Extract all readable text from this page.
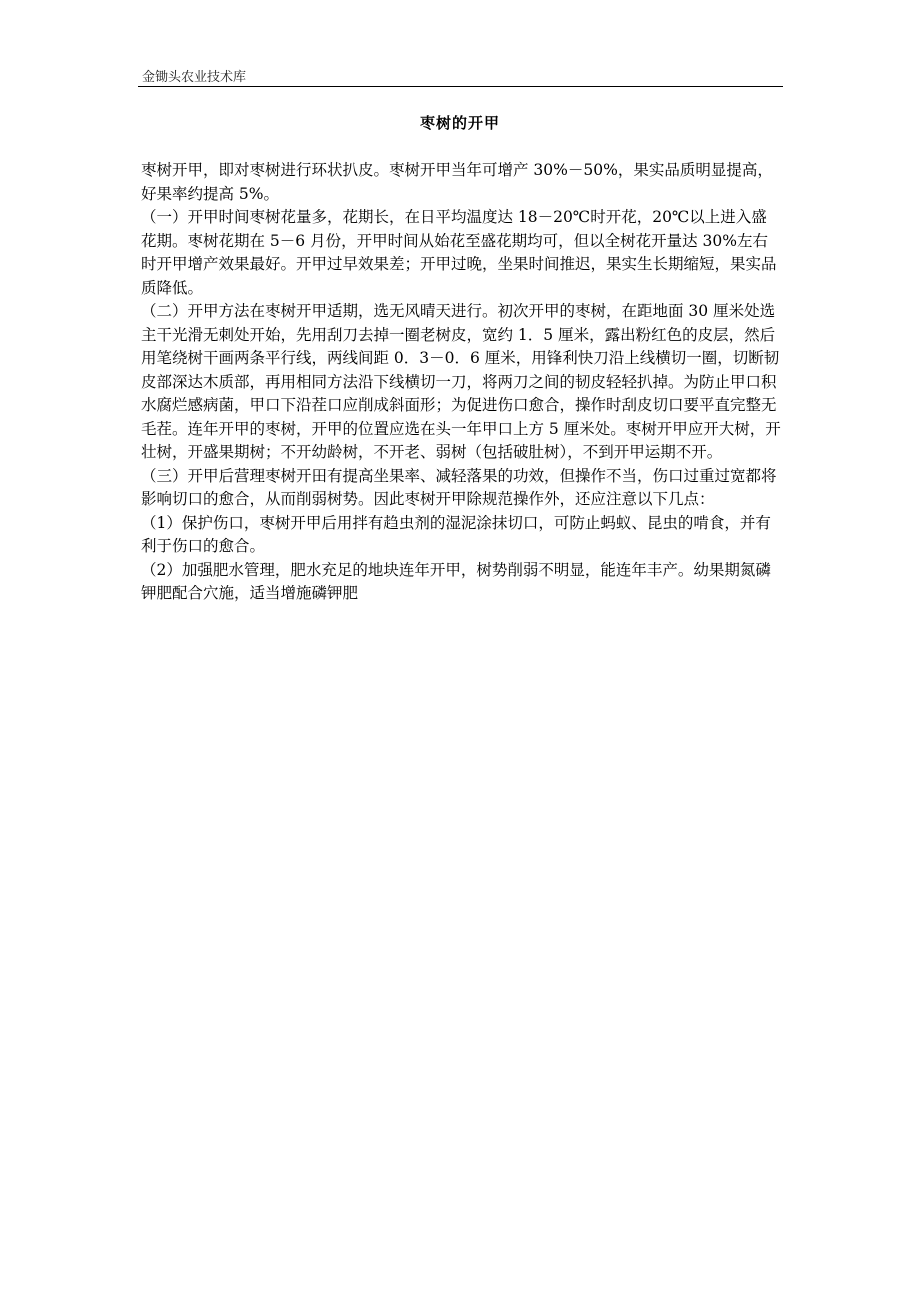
金锄头农业技术库
枣树的开甲

枣树开甲，即对枣树进行环状扒皮。枣树开甲当年可增产 30%－50%，果实品质明显提高，好果率约提高 5%。

（一）开甲时间枣树花量多，花期长，在日平均温度达 18－20℃时开花，20℃以上进入盛花期。枣树花期在 5－6 月份，开甲时间从始花至盛花期均可，但以全树花开量达 30%左右时开甲增产效果最好。开甲过早效果差；开甲过晚，坐果时间推迟，果实生长期缩短，果实品质降低。

（二）开甲方法在枣树开甲适期，选无风晴天进行。初次开甲的枣树，在距地面 30 厘米处选主干光滑无刺处开始，先用刮刀去掉一圈老树皮，宽约 1．5 厘米，露出粉红色的皮层，然后用笔绕树干画两条平行线，两线间距 0．3－0．6 厘米，用锋利快刀沿上线横切一圈，切断韧皮部深达木质部，再用相同方法沿下线横切一刀，将两刀之间的韧皮轻轻扒掉。为防止甲口积水腐烂感病菌，甲口下沿茬口应削成斜面形；为促进伤口愈合，操作时刮皮切口要平直完整无毛茬。连年开甲的枣树，开甲的位置应选在头一年甲口上方 5 厘米处。枣树开甲应开大树，开壮树，开盛果期树；不开幼龄树，不开老、弱树（包括破肚树），不到开甲运期不开。

（三）开甲后营理枣树开田有提高坐果率、减轻落果的功效，但操作不当，伤口过重过宽都将影响切口的愈合，从而削弱树势。因此枣树开甲除规范操作外，还应注意以下几点：

（1）保护伤口，枣树开甲后用拌有趋虫剂的湿泥涂抹切口，可防止蚂蚁、昆虫的啃食，并有利于伤口的愈合。

（2）加强肥水管理，肥水充足的地块连年开甲，树势削弱不明显，能连年丰产。幼果期氮磷钾肥配合穴施，适当增施磷钾肥
